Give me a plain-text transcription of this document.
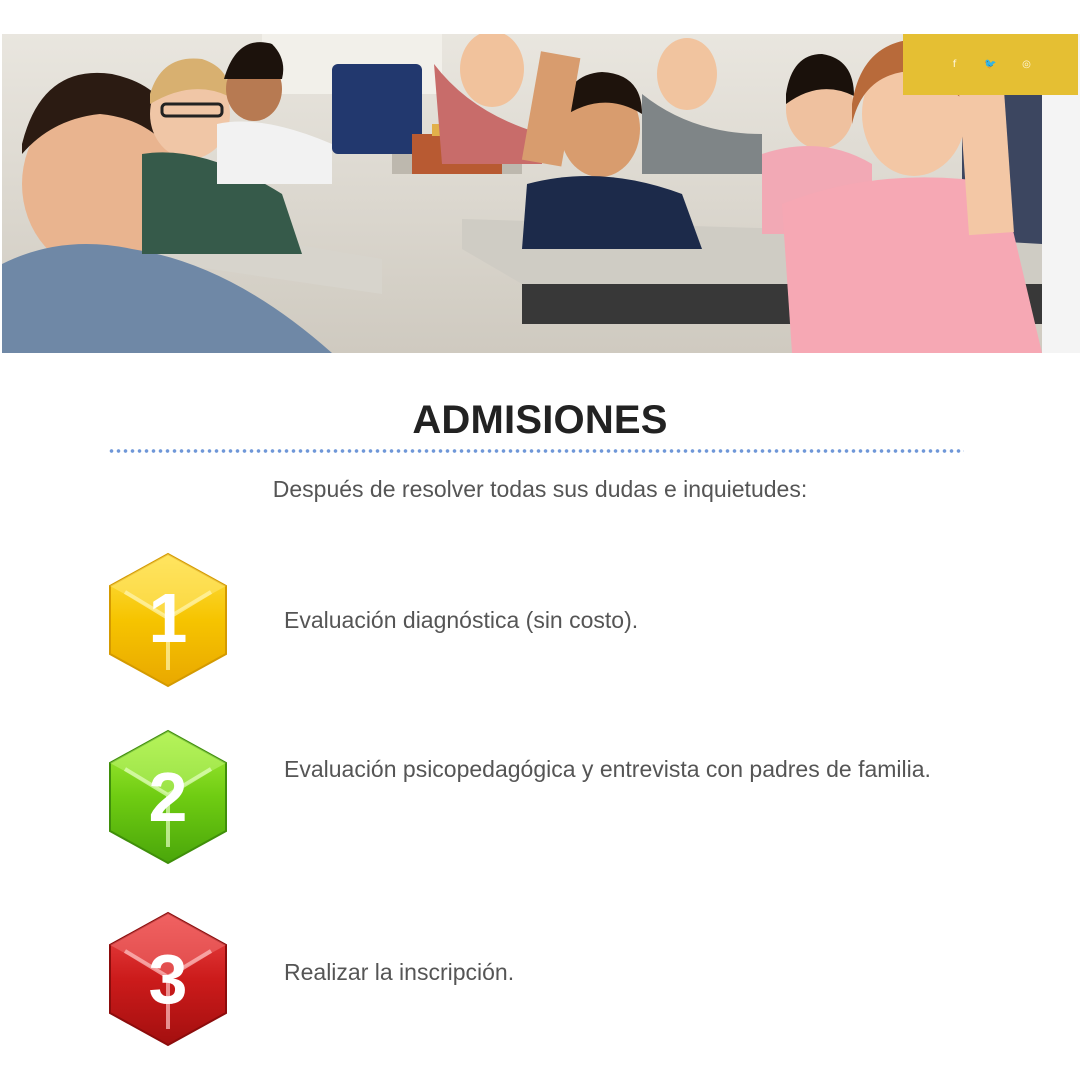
f	🐦	◎
ADMISIONES

Después de resolver todas sus dudas e inquietudes:

1	Evaluación diagnóstica (sin costo).

2	Evaluación psicopedagógica y entrevista con padres de familia.

3	Realizar la inscripción.
